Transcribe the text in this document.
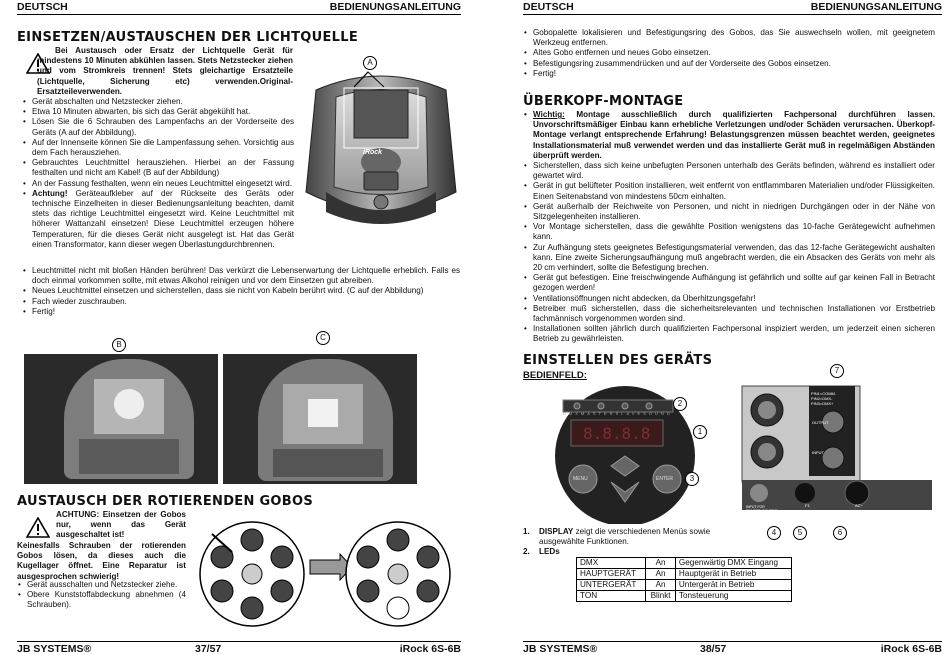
DEUTSCH	BEDIENUNGSANLEITUNG
EINSETZEN/AUSTAUSCHEN DER LICHTQUELLE
Bei Austausch oder Ersatz der Lichtquelle Gerät für mindestens 10 Minuten abkühlen lassen. Stets Netzstecker ziehen und vom Stromkreis trennen! Stets gleichartige Ersatzteile (Lichtquelle, Sicherung etc) verwenden.Original-Ersatzteileverwenden.
• Gerät abschalten und Netzstecker ziehen.
• Etwa 10 Minuten abwarten, bis sich das Gerät abgekühlt hat.
• Lösen Sie die 6 Schrauben des Lampenfachs an der Vorderseite des Geräts (A auf der Abbildung).
• Auf der Innenseite können Sie die Lampenfassung sehen. Vorsichtig aus dem Fach herausziehen.
• Gebrauchtes Leuchtmittel herausziehen. Hierbei an der Fassung festhalten und nicht am Kabel! (B auf der Abbildung)
• An der Fassung festhalten, wenn ein neues Leuchtmittel eingesetzt wird.
• Achtung! Geräteaufkleber auf der Rückseite des Geräts oder technische Einzelheiten in dieser Bedienungsanleitung beachten, damit stets das richtige Leuchtmittel eingesetzt wird. Keine Leuchtmittel mit höherer Wattanzahl einsetzen! Diese Leuchtmittel erzeugen höhere Temperaturen, für die dieses Gerät nicht ausgelegt ist. Hat das Gerät einen Transformator, kann dieser wegen Überlastungdurchbrennen.
• Leuchtmittel nicht mit bloßen Händen berühren! Das verkürzt die Lebenserwartung der Lichtquelle erheblich. Falls es doch einmal vorkommen sollte, mit etwas Alkohol reinigen und vor dem Einsetzen gut abreiben.
• Neues Leuchtmittel einsetzen und sicherstellen, dass sie nicht von Kabeln berührt wird. (C auf der Abbildung)
• Fach wieder zuschrauben.
• Fertig!
A
iRock
B
C
AUSTAUSCH DER ROTIERENDEN GOBOS
ACHTUNG: Einsetzen der Gobos nur, wenn das Gerät ausgeschaltet ist!
Keinesfalls Schrauben der rotierenden Gobos lösen, da dieses auch die Kugellager öffnet. Eine Reparatur ist ausgesprochen schwierig!
• Gerät ausschalten und Netzstecker ziehe.
• Obere Kunststoffabdeckung abnehmen (4 Schrauben).
JB SYSTEMS®	37/57	iRock 6S-6B
DEUTSCH	BEDIENUNGSANLEITUNG
• Gobopalette lokalisieren und Befestigungsring des Gobos, das Sie auswechseln wollen, mit geeignetem Werkzeug entfernen.
• Altes Gobo entfernen und neues Gobo einsetzen.
• Befestigungsring zusammendrücken und auf der Vorderseite des Gobos einsetzen.
• Fertig!
ÜBERKOPF-MONTAGE
• Wichtig: Montage ausschließlich durch qualifizierten Fachpersonal durchführen lassen. Unvorschriftsmäßiger Einbau kann erhebliche Verletzungen und/oder Schäden verursachen. Überkopf-Montage verlangt entsprechende Erfahrung! Belastungsgrenzen müssen beachtet werden, geeignetes Installationsmaterial muß verwendet werden und das installierte Gerät muß in regelmäßigen Abständen überprüft werden.
• Sicherstellen, dass sich keine unbefugten Personen unterhalb des Geräts befinden, während es installiert oder gewartet wird.
• Gerät in gut belüfteter Position installieren, weit entfernt von entflammbaren Materialien und/oder Flüssigkeiten. Einen Seitenabstand von mindestens 50cm einhalten.
• Gerät außerhalb der Reichweite von Personen, und nicht in niedrigen Durchgängen oder in der Nähe von Sitzgelegenheiten installieren.
• Vor Montage sicherstellen, dass die gewählte Position wenigstens das 10-fache Gerätegewicht aufnehmen kann.
• Zur Aufhängung stets geeignetes Befestigungsmaterial verwenden, das das 12-fache Gerätegewicht aushalten kann. Eine zweite Sicherungsaufhängung muß angebracht werden, die ein Absacken des Geräts von mehr als 20 cm verhindert, sollte die Befestigung brechen.
• Gerät gut befestigen. Eine freischwingende Aufhängung ist gefährlich und sollte auf gar keinen Fall in Betracht gezogen werden!
• Ventilationsöffnungen nicht abdecken, da Überhitzungsgefahr!
• Betreiber muß sicherstellen, dass die sicherheitsrelevanten und technischen Installationen vor Erstbetrieb fachmännisch vorgenommen worden sind.
• Installationen sollten jährlich durch qualifizierten Fachpersonal inspiziert werden, um jederzeit einen sicheren Betrieb zu gewährleisten.
EINSTELLEN DES GERÄTS
BEDIENFELD:
8.8.8.8
DMXMASTERSLAVESOUND
MENU	ENTER
2
1
3
PIN1=COMM.
PIN2=DMX-
PIN3=DMX+
OUTPUT
INPUT
INPUT FOR
REMOTE CONTROL
F1	AC~
7
4	5	6
1. DISPLAY zeigt die verschiedenen Menüs sowie ausgewählte Funktionen.
2. LEDs
DMX	An	Gegenwärtig DMX Eingang
HAUPTGERÄT	An	Hauptgerät in Betrieb
UNTERGERÄT	An	Untergerät in Betrieb
TON	Blinkt	Tonsteuerung
JB SYSTEMS®	38/57	iRock 6S-6B
